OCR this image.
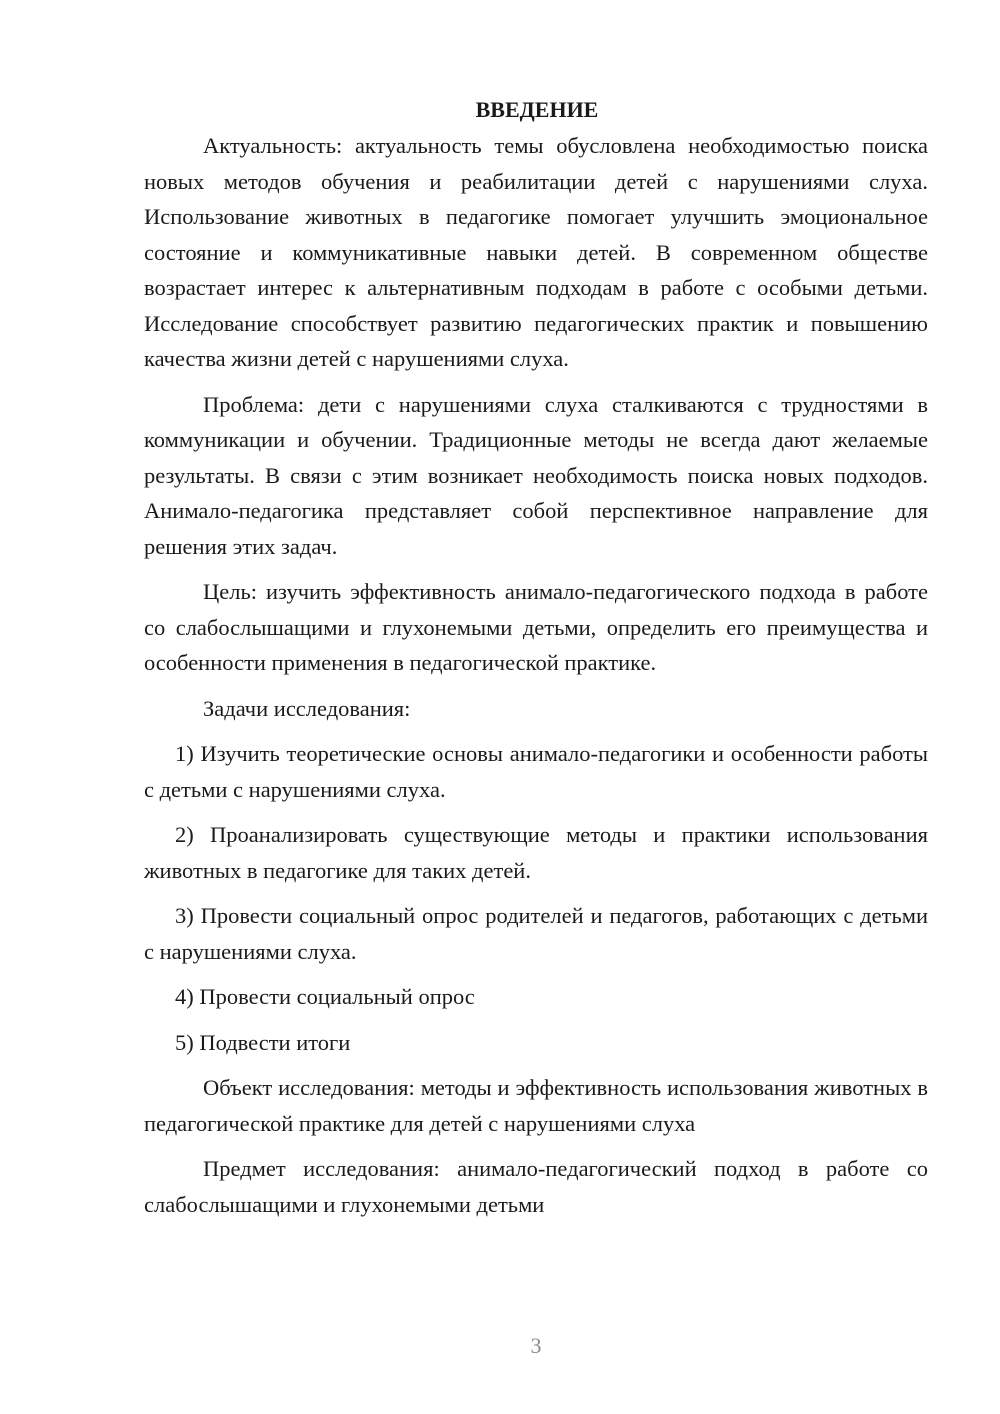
ВВЕДЕНИЕ

Актуальность: актуальность темы обусловлена необходимостью поиска новых методов обучения и реабилитации детей с нарушениями слуха. Использование животных в педагогике помогает улучшить эмоциональное состояние и коммуникативные навыки детей. В современном обществе возрастает интерес к альтернативным подходам в работе с особыми детьми. Исследование способствует развитию педагогических практик и повышению качества жизни детей с нарушениями слуха.

Проблема: дети с нарушениями слуха сталкиваются с трудностями в коммуникации и обучении. Традиционные методы не всегда дают желаемые результаты. В связи с этим возникает необходимость поиска новых подходов. Анимало-педагогика представляет собой перспективное направление для решения этих задач.

Цель: изучить эффективность анимало-педагогического подхода в работе со слабослышащими и глухонемыми детьми, определить его преимущества и особенности применения в педагогической практике.

Задачи исследования:

1) Изучить теоретические основы анимало-педагогики и особенности работы с детьми с нарушениями слуха.

2) Проанализировать существующие методы и практики использования животных в педагогике для таких детей.

3) Провести социальный опрос родителей и педагогов, работающих с детьми с нарушениями слуха.

4) Провести социальный опрос

5) Подвести итоги

Объект исследования: методы и эффективность использования животных в педагогической практике для детей с нарушениями слуха

Предмет исследования: анимало-педагогический подход в работе со слабослышащими и глухонемыми детьми

3
